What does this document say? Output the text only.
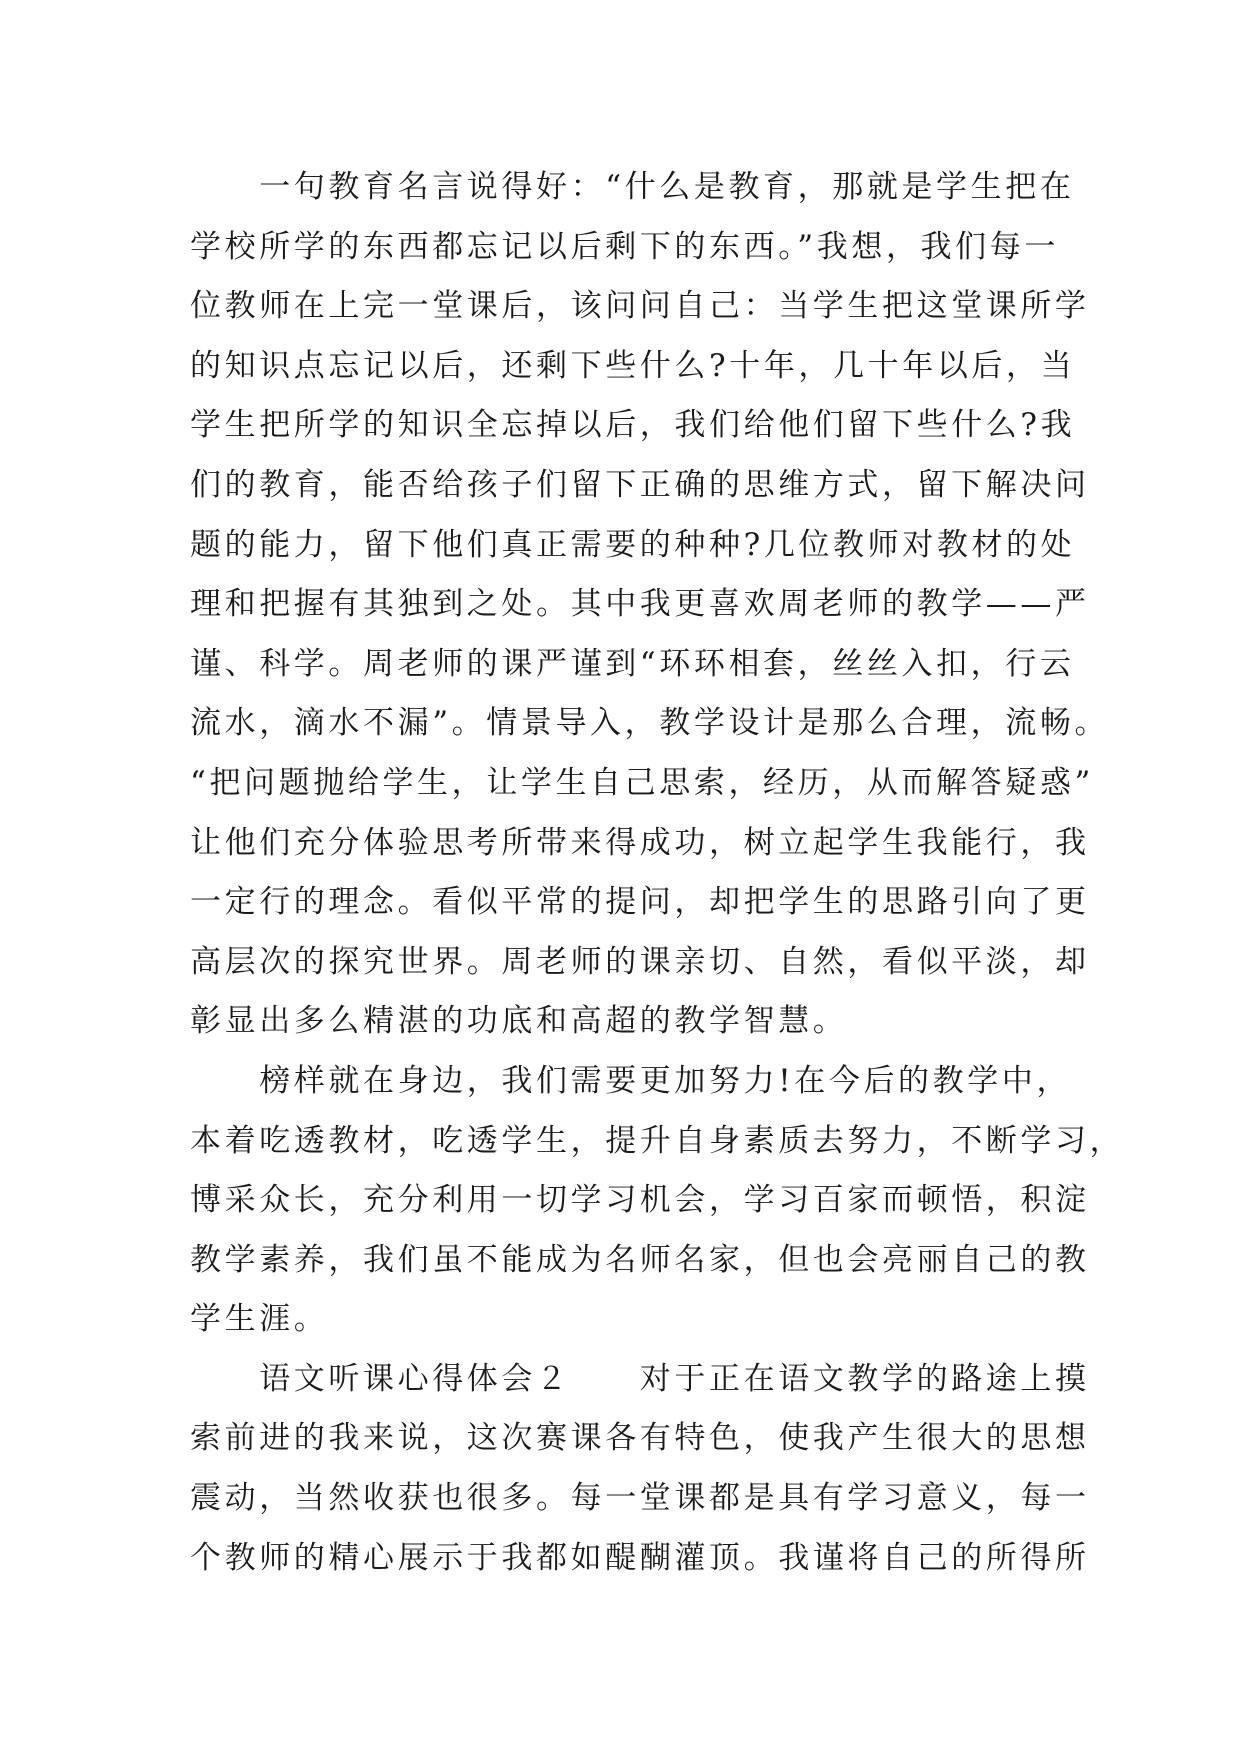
　　一句教育名言说得好：“什么是教育，那就是学生把在
学校所学的东西都忘记以后剩下的东西。”我想，我们每一
位教师在上完一堂课后，该问问自己：当学生把这堂课所学
的知识点忘记以后，还剩下些什么?十年，几十年以后，当
学生把所学的知识全忘掉以后，我们给他们留下些什么?我
们的教育，能否给孩子们留下正确的思维方式，留下解决问
题的能力，留下他们真正需要的种种?几位教师对教材的处
理和把握有其独到之处。其中我更喜欢周老师的教学——严
谨、科学。周老师的课严谨到“环环相套，丝丝入扣，行云
流水，滴水不漏”。情景导入，教学设计是那么合理，流畅。
“把问题抛给学生，让学生自己思索，经历，从而解答疑惑”
让他们充分体验思考所带来得成功，树立起学生我能行，我
一定行的理念。看似平常的提问，却把学生的思路引向了更
高层次的探究世界。周老师的课亲切、自然，看似平淡，却
彰显出多么精湛的功底和高超的教学智慧。
　　榜样就在身边，我们需要更加努力!在今后的教学中，
本着吃透教材，吃透学生，提升自身素质去努力，不断学习，
博采众长，充分利用一切学习机会，学习百家而顿悟，积淀
教学素养，我们虽不能成为名师名家，但也会亮丽自己的教
学生涯。
　　语文听课心得体会２　　对于正在语文教学的路途上摸
索前进的我来说，这次赛课各有特色，使我产生很大的思想
震动，当然收获也很多。每一堂课都是具有学习意义，每一
个教师的精心展示于我都如醍醐灌顶。我谨将自己的所得所
